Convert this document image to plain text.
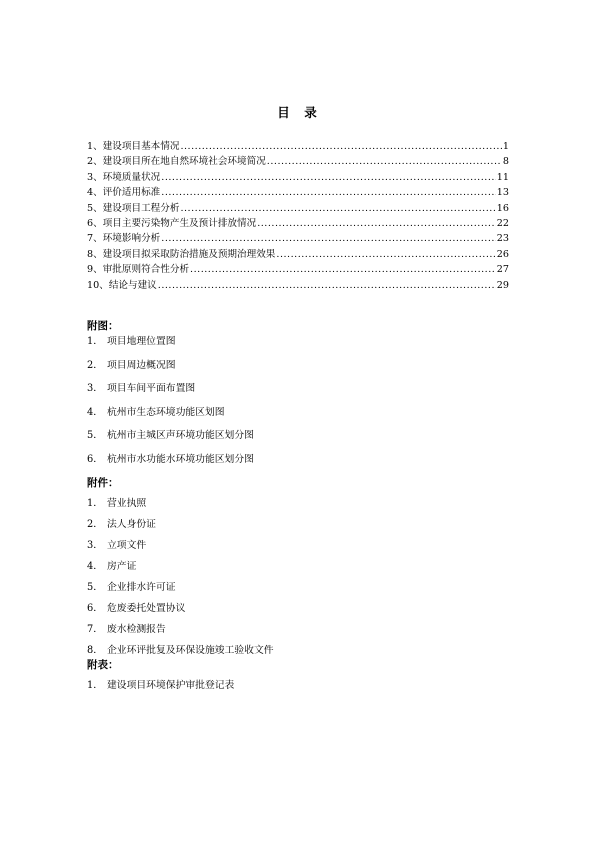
目　录
1、 建设项目基本情况 .....	1
2、 建设项目所在地自然环境社会环境简况 .....	8
3、 环境质量状况 .....	11
4、 评价适用标准 .....	13
5、 建设项目工程分析 .....	16
6、 项目主要污染物产生及预计排放情况 .....	22
7、 环境影响分析 .....	23
8、 建设项目拟采取防治措施及预期治理效果 .....	26
9、 审批原则符合性分析 .....	27
10、 结论与建议 .....	29
附图：
1． 项目地理位置图
2． 项目周边概况图
3． 项目车间平面布置图
4． 杭州市生态环境功能区划图
5． 杭州市主城区声环境功能区划分图
6． 杭州市水功能水环境功能区划分图
附件：
1． 营业执照
2． 法人身份证
3． 立项文件
4． 房产证
5． 企业排水许可证
6． 危废委托处置协议
7． 废水检测报告
8． 企业环评批复及环保设施竣工验收文件
附表：
1． 建设项目环境保护审批登记表
